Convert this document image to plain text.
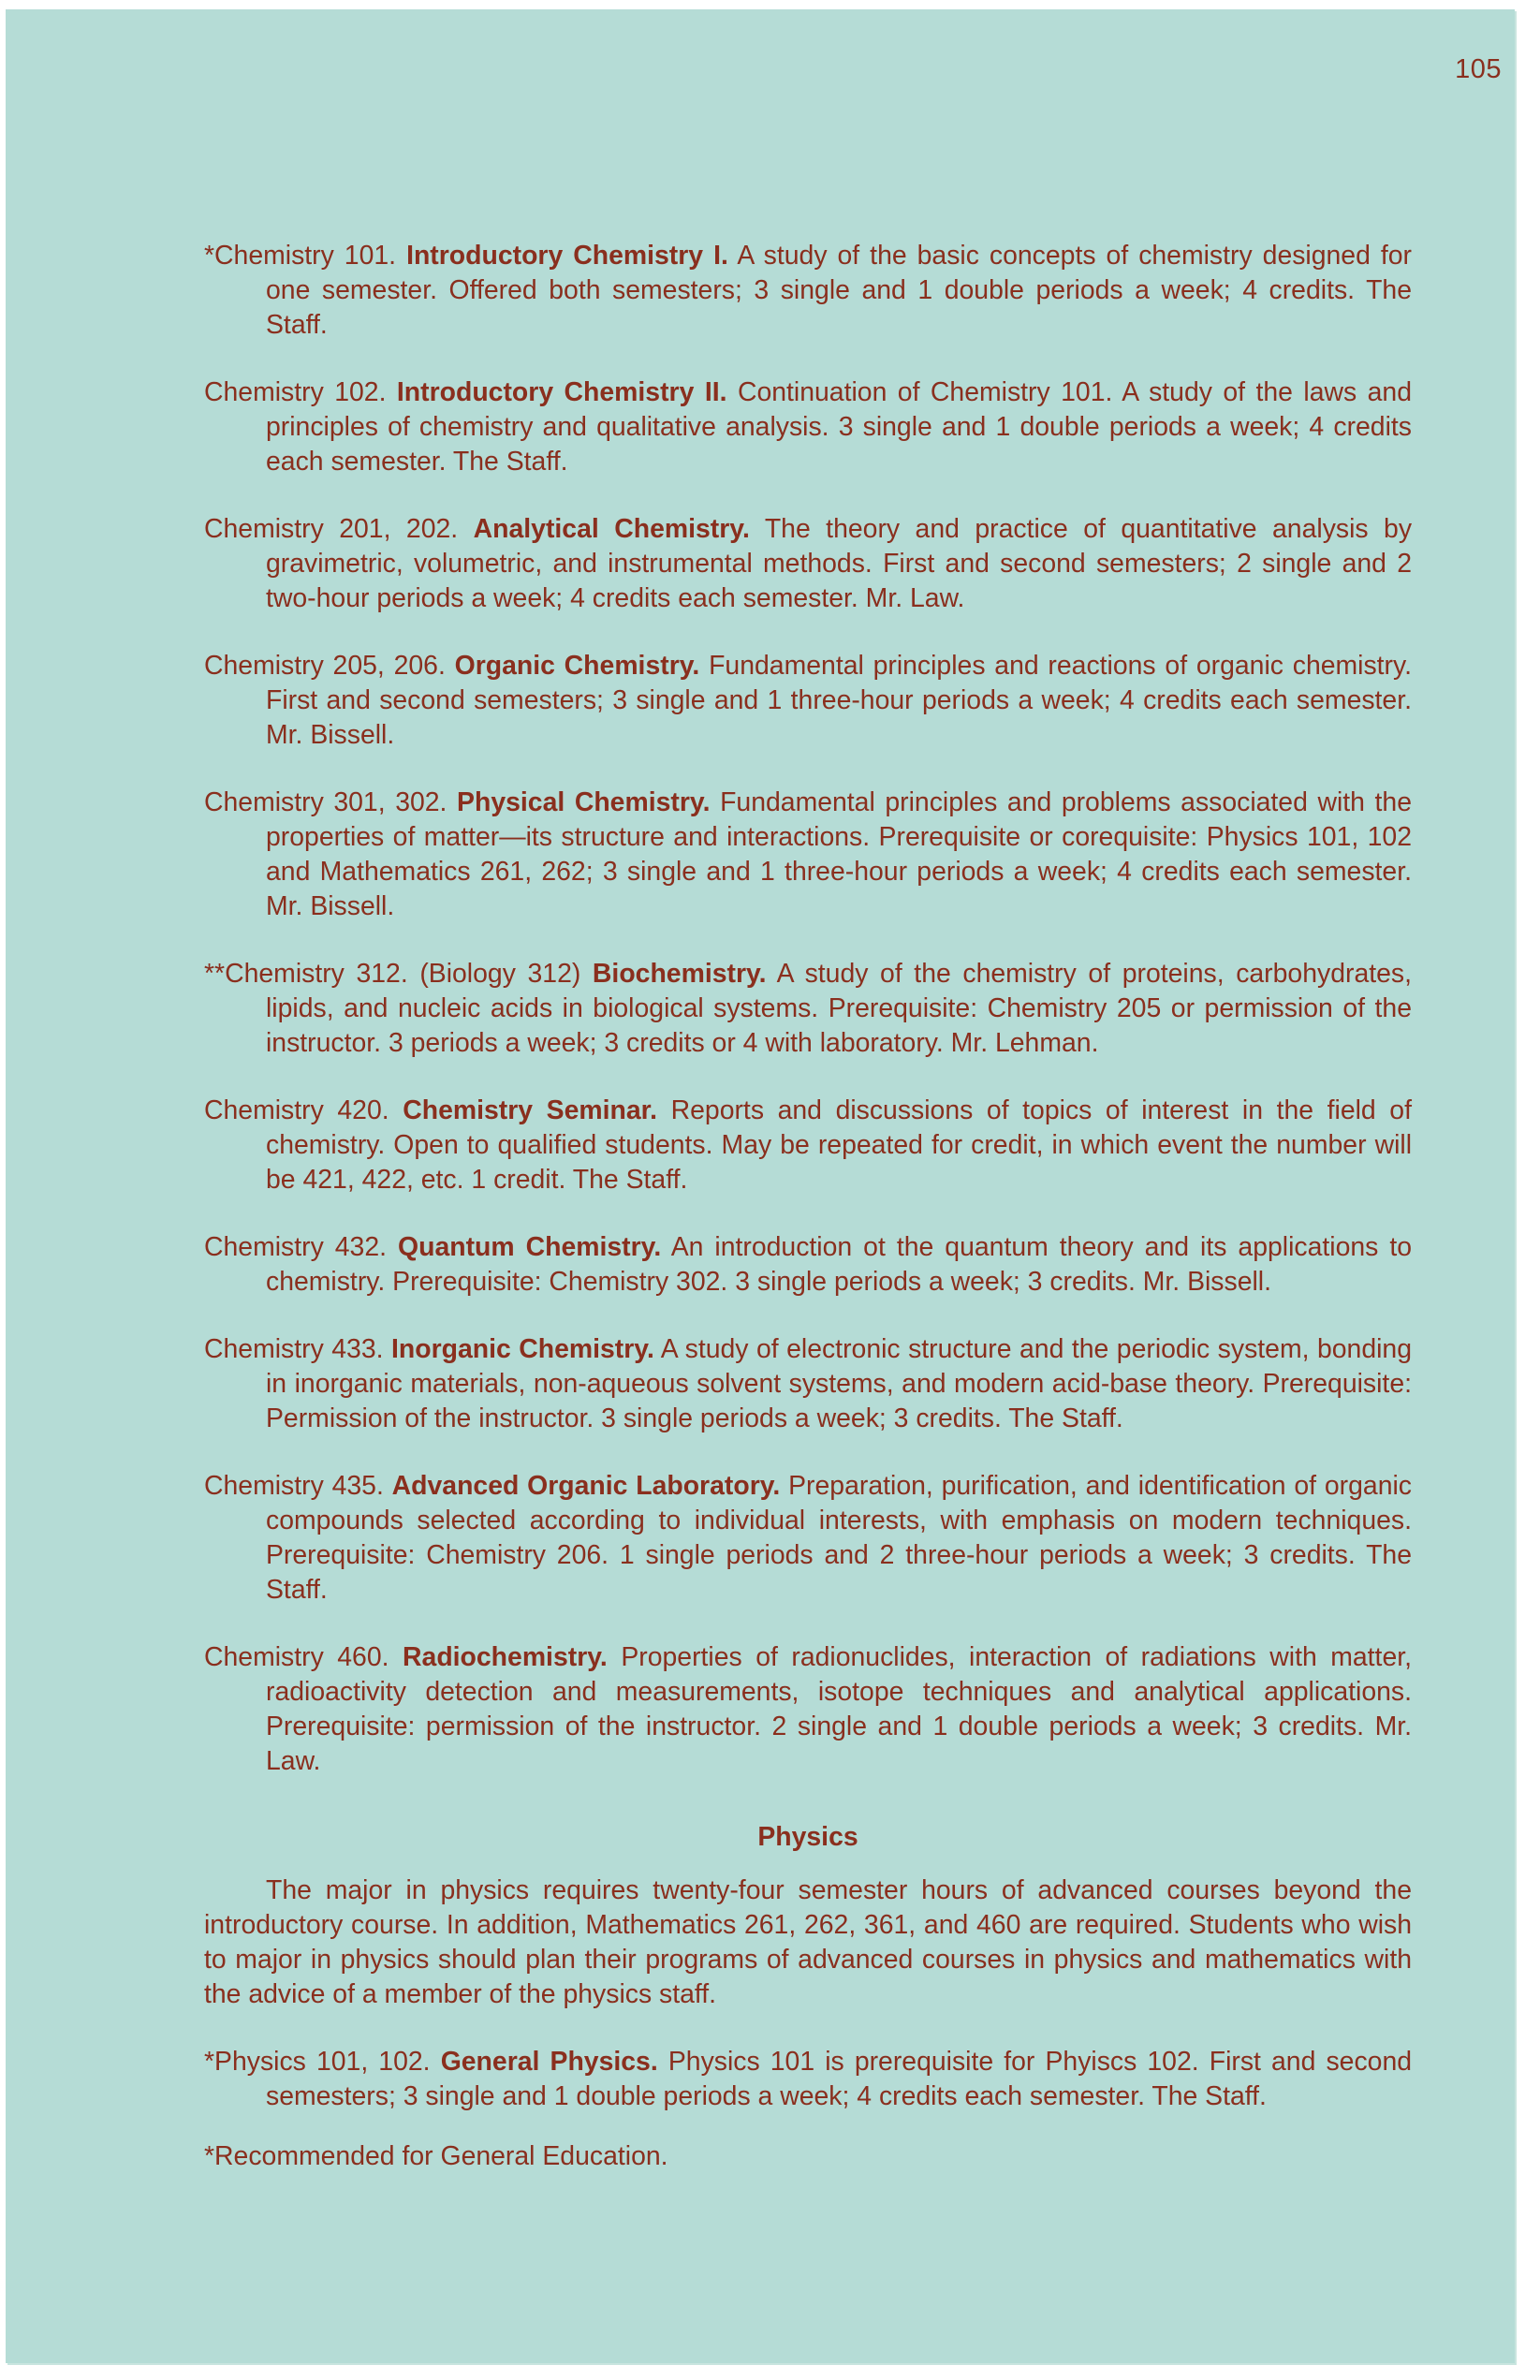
105

*Chemistry 101. Introductory Chemistry I. A study of the basic concepts of chemistry designed for one semester. Offered both semesters; 3 single and 1 double periods a week; 4 credits. The Staff.

Chemistry 102. Introductory Chemistry II. Continuation of Chemistry 101. A study of the laws and principles of chemistry and qualitative analysis. 3 single and 1 double periods a week; 4 credits each semester. The Staff.

Chemistry 201, 202. Analytical Chemistry. The theory and practice of quantitative analysis by gravimetric, volumetric, and instrumental methods. First and second semesters; 2 single and 2 two-hour periods a week; 4 credits each semester. Mr. Law.

Chemistry 205, 206. Organic Chemistry. Fundamental principles and reactions of organic chemistry. First and second semesters; 3 single and 1 three-hour periods a week; 4 credits each semester. Mr. Bissell.

Chemistry 301, 302. Physical Chemistry. Fundamental principles and problems associated with the properties of matter—its structure and interactions. Prerequisite or corequisite: Physics 101, 102 and Mathematics 261, 262; 3 single and 1 three-hour periods a week; 4 credits each semester. Mr. Bissell.

**Chemistry 312. (Biology 312) Biochemistry. A study of the chemistry of proteins, carbohydrates, lipids, and nucleic acids in biological systems. Prerequisite: Chemistry 205 or permission of the instructor. 3 periods a week; 3 credits or 4 with laboratory. Mr. Lehman.

Chemistry 420. Chemistry Seminar. Reports and discussions of topics of interest in the field of chemistry. Open to qualified students. May be repeated for credit, in which event the number will be 421, 422, etc. 1 credit. The Staff.

Chemistry 432. Quantum Chemistry. An introduction ot the quantum theory and its applications to chemistry. Prerequisite: Chemistry 302. 3 single periods a week; 3 credits. Mr. Bissell.

Chemistry 433. Inorganic Chemistry. A study of electronic structure and the periodic system, bonding in inorganic materials, non-aqueous solvent systems, and modern acid-base theory. Prerequisite: Permission of the instructor. 3 single periods a week; 3 credits. The Staff.

Chemistry 435. Advanced Organic Laboratory. Preparation, purification, and identification of organic compounds selected according to individual interests, with emphasis on modern techniques. Prerequisite: Chemistry 206. 1 single periods and 2 three-hour periods a week; 3 credits. The Staff.

Chemistry 460. Radiochemistry. Properties of radionuclides, interaction of radiations with matter, radioactivity detection and measurements, isotope techniques and analytical applications. Prerequisite: permission of the instructor. 2 single and 1 double periods a week; 3 credits. Mr. Law.

Physics

The major in physics requires twenty-four semester hours of advanced courses beyond the introductory course. In addition, Mathematics 261, 262, 361, and 460 are required. Students who wish to major in physics should plan their programs of advanced courses in physics and mathematics with the advice of a member of the physics staff.

*Physics 101, 102. General Physics. Physics 101 is prerequisite for Phyiscs 102. First and second semesters; 3 single and 1 double periods a week; 4 credits each semester. The Staff.

*Recommended for General Education.
